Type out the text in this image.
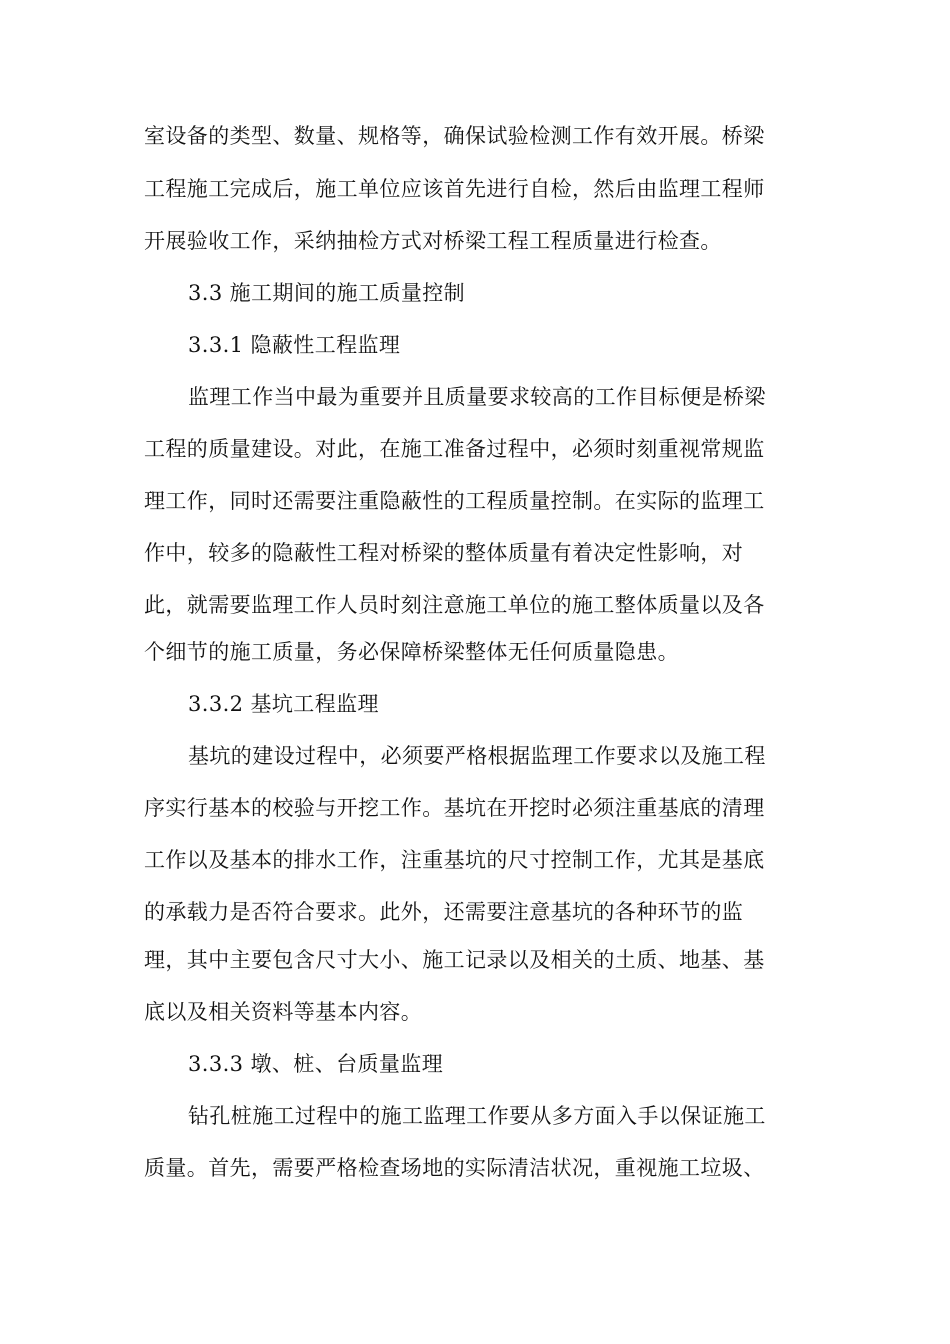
室设备的类型、数量、规格等，确保试验检测工作有效开展。桥梁
工程施工完成后，施工单位应该首先进行自检，然后由监理工程师
开展验收工作，采纳抽检方式对桥梁工程工程质量进行检查。
3.3 施工期间的施工质量控制
3.3.1 隐蔽性工程监理
监理工作当中最为重要并且质量要求较高的工作目标便是桥梁
工程的质量建设。对此，在施工准备过程中，必须时刻重视常规监
理工作，同时还需要注重隐蔽性的工程质量控制。在实际的监理工
作中，较多的隐蔽性工程对桥梁的整体质量有着决定性影响，对
此，就需要监理工作人员时刻注意施工单位的施工整体质量以及各
个细节的施工质量，务必保障桥梁整体无任何质量隐患。
3.3.2 基坑工程监理
基坑的建设过程中，必须要严格根据监理工作要求以及施工程
序实行基本的校验与开挖工作。基坑在开挖时必须注重基底的清理
工作以及基本的排水工作，注重基坑的尺寸控制工作，尤其是基底
的承载力是否符合要求。此外，还需要注意基坑的各种环节的监
理，其中主要包含尺寸大小、施工记录以及相关的土质、地基、基
底以及相关资料等基本内容。
3.3.3 墩、桩、台质量监理
钻孔桩施工过程中的施工监理工作要从多方面入手以保证施工
质量。首先，需要严格检查场地的实际清洁状况，重视施工垃圾、
